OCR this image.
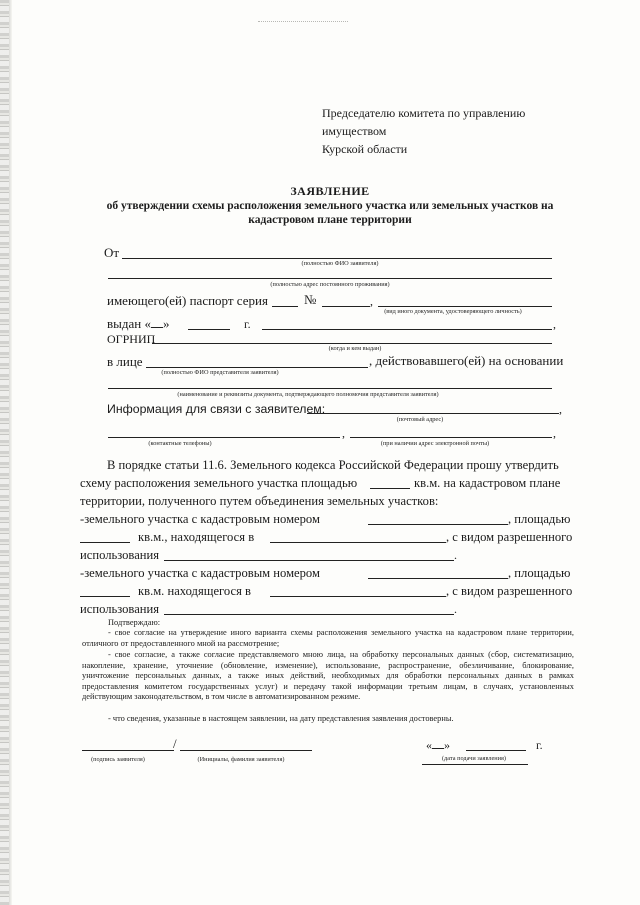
Председателю комитета по управлению
имуществом
Курской области
ЗАЯВЛЕНИЕ
об утверждении схемы расположения земельного участка или земельных участков на
кадастровом плане территории
От
(полностью ФИО заявителя)
(полностью адрес постоянного проживания)
имеющего(ей) паспорт серия	№	,
(вид иного документа, удостоверяющего личность)
выдан « »	г.	,
ОГРНИП
(когда и кем выдан)
в лице	, действовавшего(ей) на основании
(полностью ФИО представителя заявителя)
(наименование и реквизиты документа, подтверждающего полномочия представителя заявителя)
Информация для связи с заявителем:	,
(почтовый адрес)
,	,
(контактные телефоны)	(при наличии адрес электронной почты)
В порядке статьи 11.6. Земельного кодекса Российской Федерации прошу утвердить
схему расположения земельного участка площадью	кв.м. на кадастровом плане
территории, полученного путем объединения земельных участков:
-земельного участка с кадастровым номером	, площадью
кв.м., находящегося в	, с видом разрешенного
использования	.
-земельного участка с кадастровым номером	, площадью
кв.м. находящегося в	, с видом разрешенного
использования	.
Подтверждаю:
- свое согласие на утверждение иного варианта схемы расположения земельного участка на кадастровом плане территории, отличного от предоставленного мной на рассмотрение;
- свое согласие, а также согласие представляемого мною лица, на обработку персональных данных (сбор, систематизацию, накопление, хранение, уточнение (обновление, изменение), использование, распространение, обезличивание, блокирование, уничтожение персональных данных, а также иных действий, необходимых для обработки персональных данных в рамках предоставления комитетом государственных услуг) и передачу такой информации третьим лицам, в случаях, установленных действующим законодательством, в том числе в автоматизированном режиме.
- что сведения, указанные в настоящем заявлении, на дату представления заявления достоверны.
/	« »	г.
(подпись заявителя)	(Инициалы, фамилия заявителя)	(дата подачи заявления)
